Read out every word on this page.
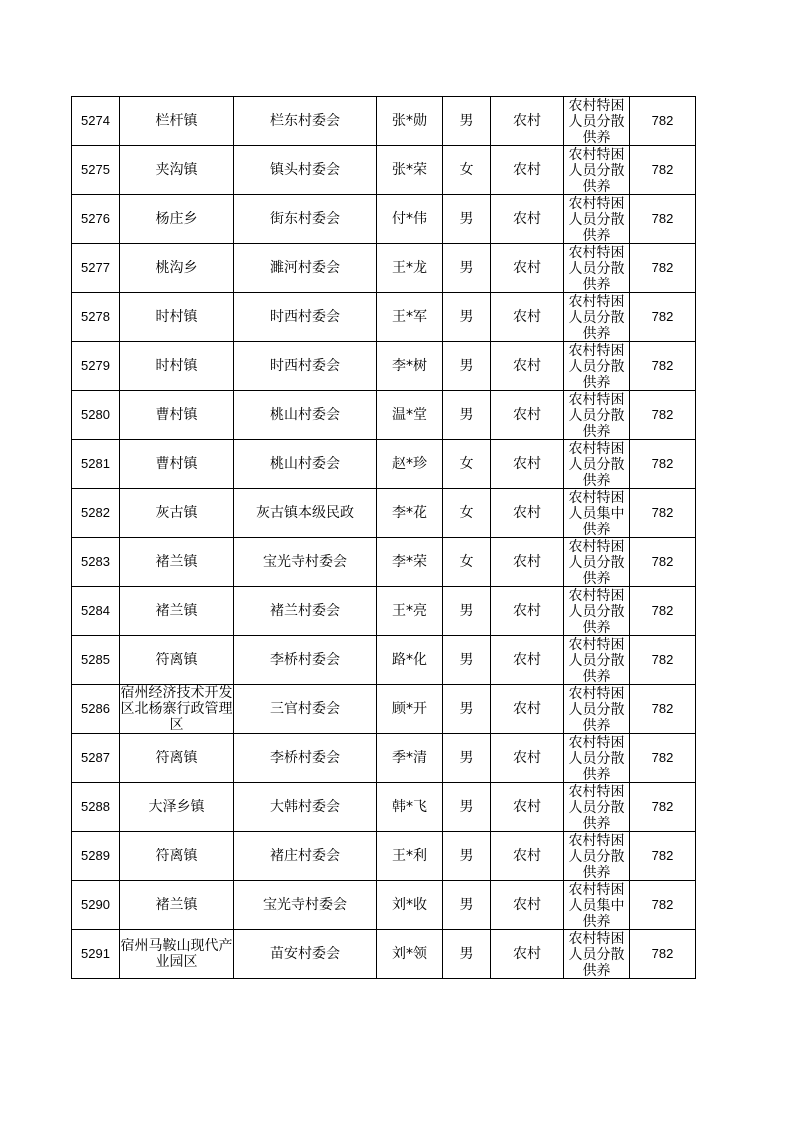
5274	栏杆镇	栏东村委会	张*勋	男	农村	农村特困人员分散供养	782

5275	夹沟镇	镇头村委会	张*荣	女	农村	农村特困人员分散供养	782

5276	杨庄乡	街东村委会	付*伟	男	农村	农村特困人员分散供养	782

5277	桃沟乡	濉河村委会	王*龙	男	农村	农村特困人员分散供养	782

5278	时村镇	时西村委会	王*军	男	农村	农村特困人员分散供养	782

5279	时村镇	时西村委会	李*树	男	农村	农村特困人员分散供养	782

5280	曹村镇	桃山村委会	温*堂	男	农村	农村特困人员分散供养	782

5281	曹村镇	桃山村委会	赵*珍	女	农村	农村特困人员分散供养	782

5282	灰古镇	灰古镇本级民政	李*花	女	农村	农村特困人员集中供养	782

5283	褚兰镇	宝光寺村委会	李*荣	女	农村	农村特困人员分散供养	782

5284	褚兰镇	褚兰村委会	王*亮	男	农村	农村特困人员分散供养	782

5285	符离镇	李桥村委会	路*化	男	农村	农村特困人员分散供养	782

5286	宿州经济技术开发区北杨寨行政管理区	三官村委会	顾*开	男	农村	农村特困人员分散供养	782

5287	符离镇	李桥村委会	季*清	男	农村	农村特困人员分散供养	782

5288	大泽乡镇	大韩村委会	韩*飞	男	农村	农村特困人员分散供养	782

5289	符离镇	褚庄村委会	王*利	男	农村	农村特困人员分散供养	782

5290	褚兰镇	宝光寺村委会	刘*收	男	农村	农村特困人员集中供养	782

5291	宿州马鞍山现代产业园区	苗安村委会	刘*领	男	农村	农村特困人员分散供养	782
